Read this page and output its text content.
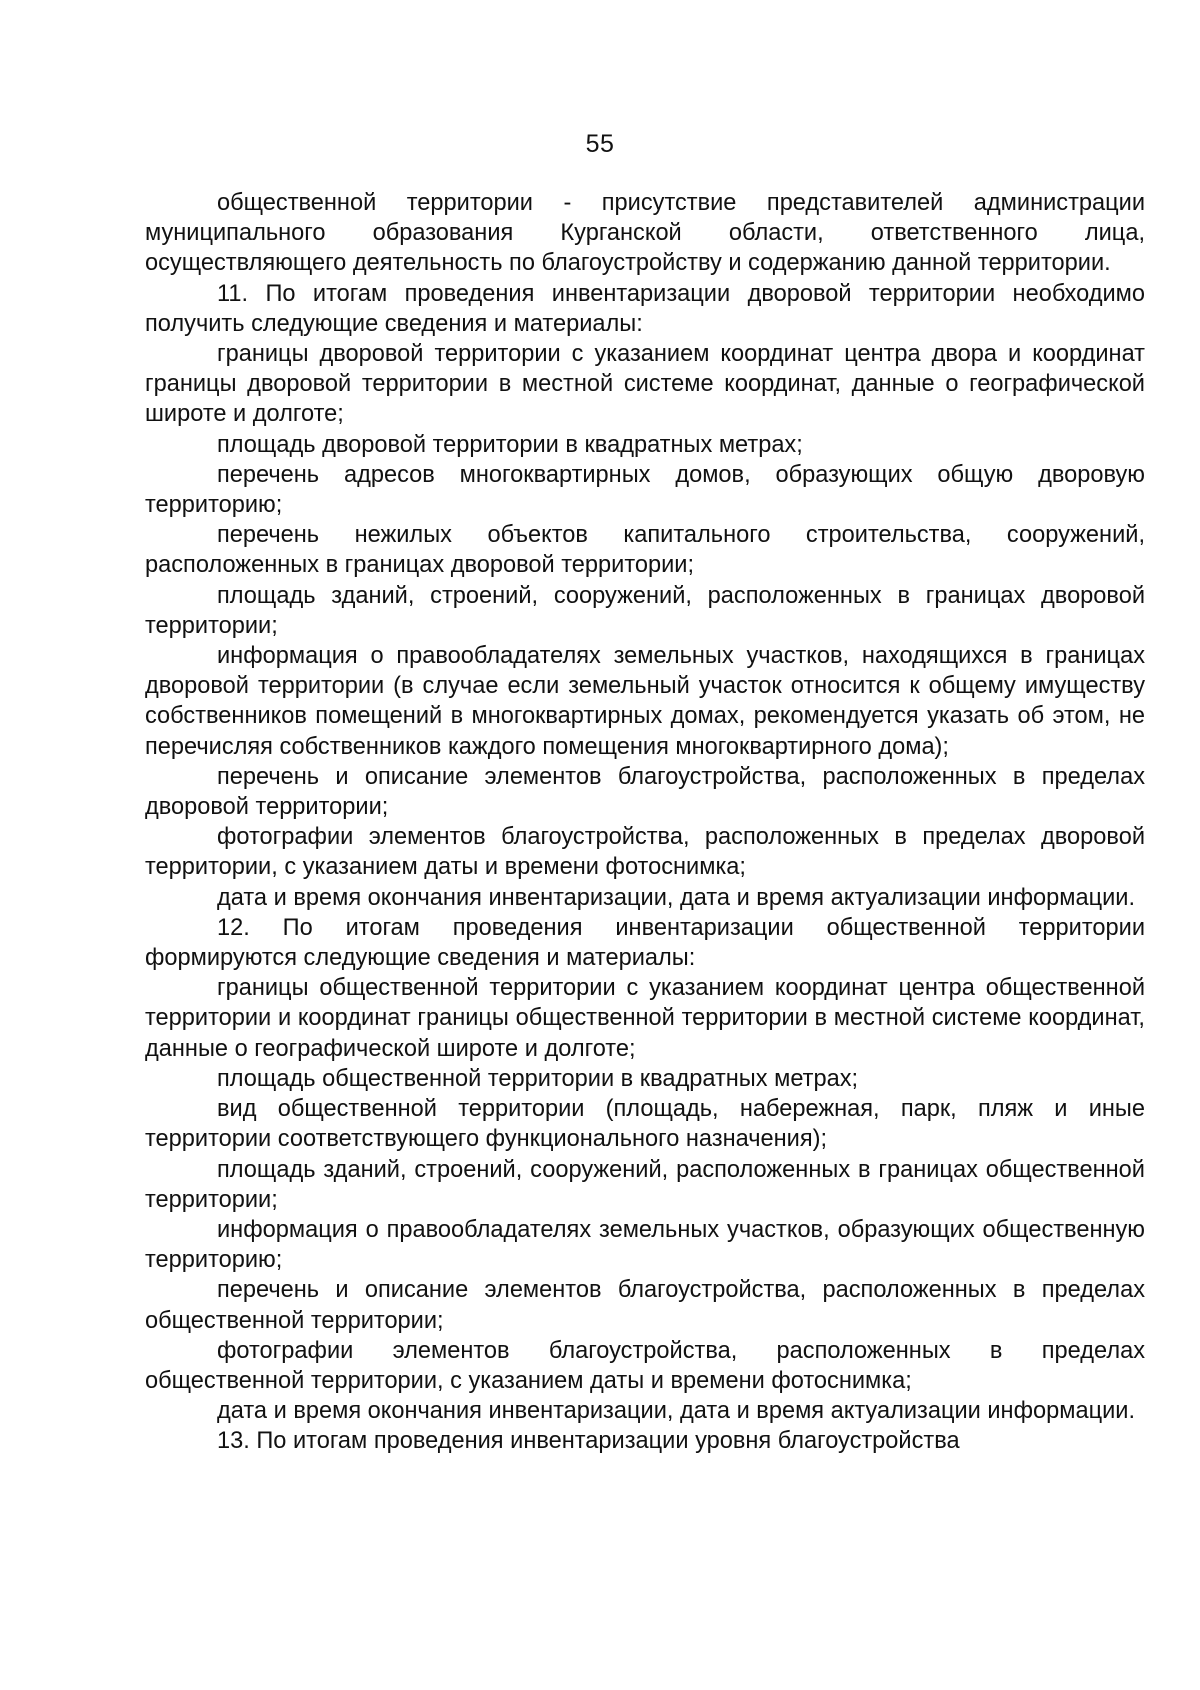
55

общественной территории - присутствие представителей администрации муниципального образования Курганской области, ответственного лица, осуществляющего деятельность по благоустройству и содержанию данной территории.

11. По итогам проведения инвентаризации дворовой территории необходимо получить следующие сведения и материалы:

границы дворовой территории с указанием координат центра двора и координат границы дворовой территории в местной системе координат, данные о географической широте и долготе;

площадь дворовой территории в квадратных метрах;

перечень адресов многоквартирных домов, образующих общую дворовую территорию;

перечень нежилых объектов капитального строительства, сооружений, расположенных в границах дворовой территории;

площадь зданий, строений, сооружений, расположенных в границах дворовой территории;

информация о правообладателях земельных участков, находящихся в границах дворовой территории (в случае если земельный участок относится к общему имуществу собственников помещений в многоквартирных домах, рекомендуется указать об этом, не перечисляя собственников каждого помещения многоквартирного дома);

перечень и описание элементов благоустройства, расположенных в пределах дворовой территории;

фотографии элементов благоустройства, расположенных в пределах дворовой территории, с указанием даты и времени фотоснимка;

дата и время окончания инвентаризации, дата и время актуализации информации.

12. По итогам проведения инвентаризации общественной территории формируются следующие сведения и материалы:

границы общественной территории с указанием координат центра общественной территории и координат границы общественной территории в местной системе координат, данные о географической широте и долготе;

площадь общественной территории в квадратных метрах;

вид общественной территории (площадь, набережная, парк, пляж и иные территории соответствующего функционального назначения);

площадь зданий, строений, сооружений, расположенных в границах общественной территории;

информация о правообладателях земельных участков, образующих общественную территорию;

перечень и описание элементов благоустройства, расположенных в пределах общественной территории;

фотографии элементов благоустройства, расположенных в пределах общественной территории, с указанием даты и времени фотоснимка;

дата и время окончания инвентаризации, дата и время актуализации информации.

13. По итогам проведения инвентаризации уровня благоустройства
